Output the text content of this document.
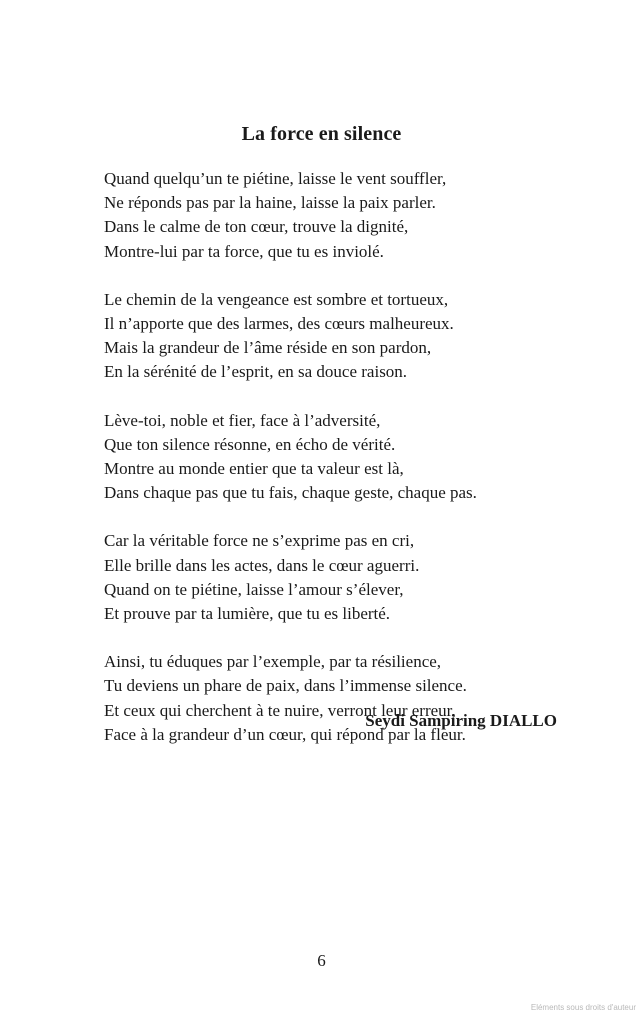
La force en silence
Quand quelqu’un te piétine, laisse le vent souffler,
Ne réponds pas par la haine, laisse la paix parler.
Dans le calme de ton cœur, trouve la dignité,
Montre-lui par ta force, que tu es inviolé.
Le chemin de la vengeance est sombre et tortueux,
Il n’apporte que des larmes, des cœurs malheureux.
Mais la grandeur de l’âme réside en son pardon,
En la sérénité de l’esprit, en sa douce raison.
Lève-toi, noble et fier, face à l’adversité,
Que ton silence résonne, en écho de vérité.
Montre au monde entier que ta valeur est là,
Dans chaque pas que tu fais, chaque geste, chaque pas.
Car la véritable force ne s’exprime pas en cri,
Elle brille dans les actes, dans le cœur aguerri.
Quand on te piétine, laisse l’amour s’élever,
Et prouve par ta lumière, que tu es liberté.
Ainsi, tu éduques par l’exemple, par ta résilience,
Tu deviens un phare de paix, dans l’immense silence.
Et ceux qui cherchent à te nuire, verront leur erreur,
Face à la grandeur d’un cœur, qui répond par la fleur.
Seydi Sampiring DIALLO
6
Eléments sous droits d'auteur
